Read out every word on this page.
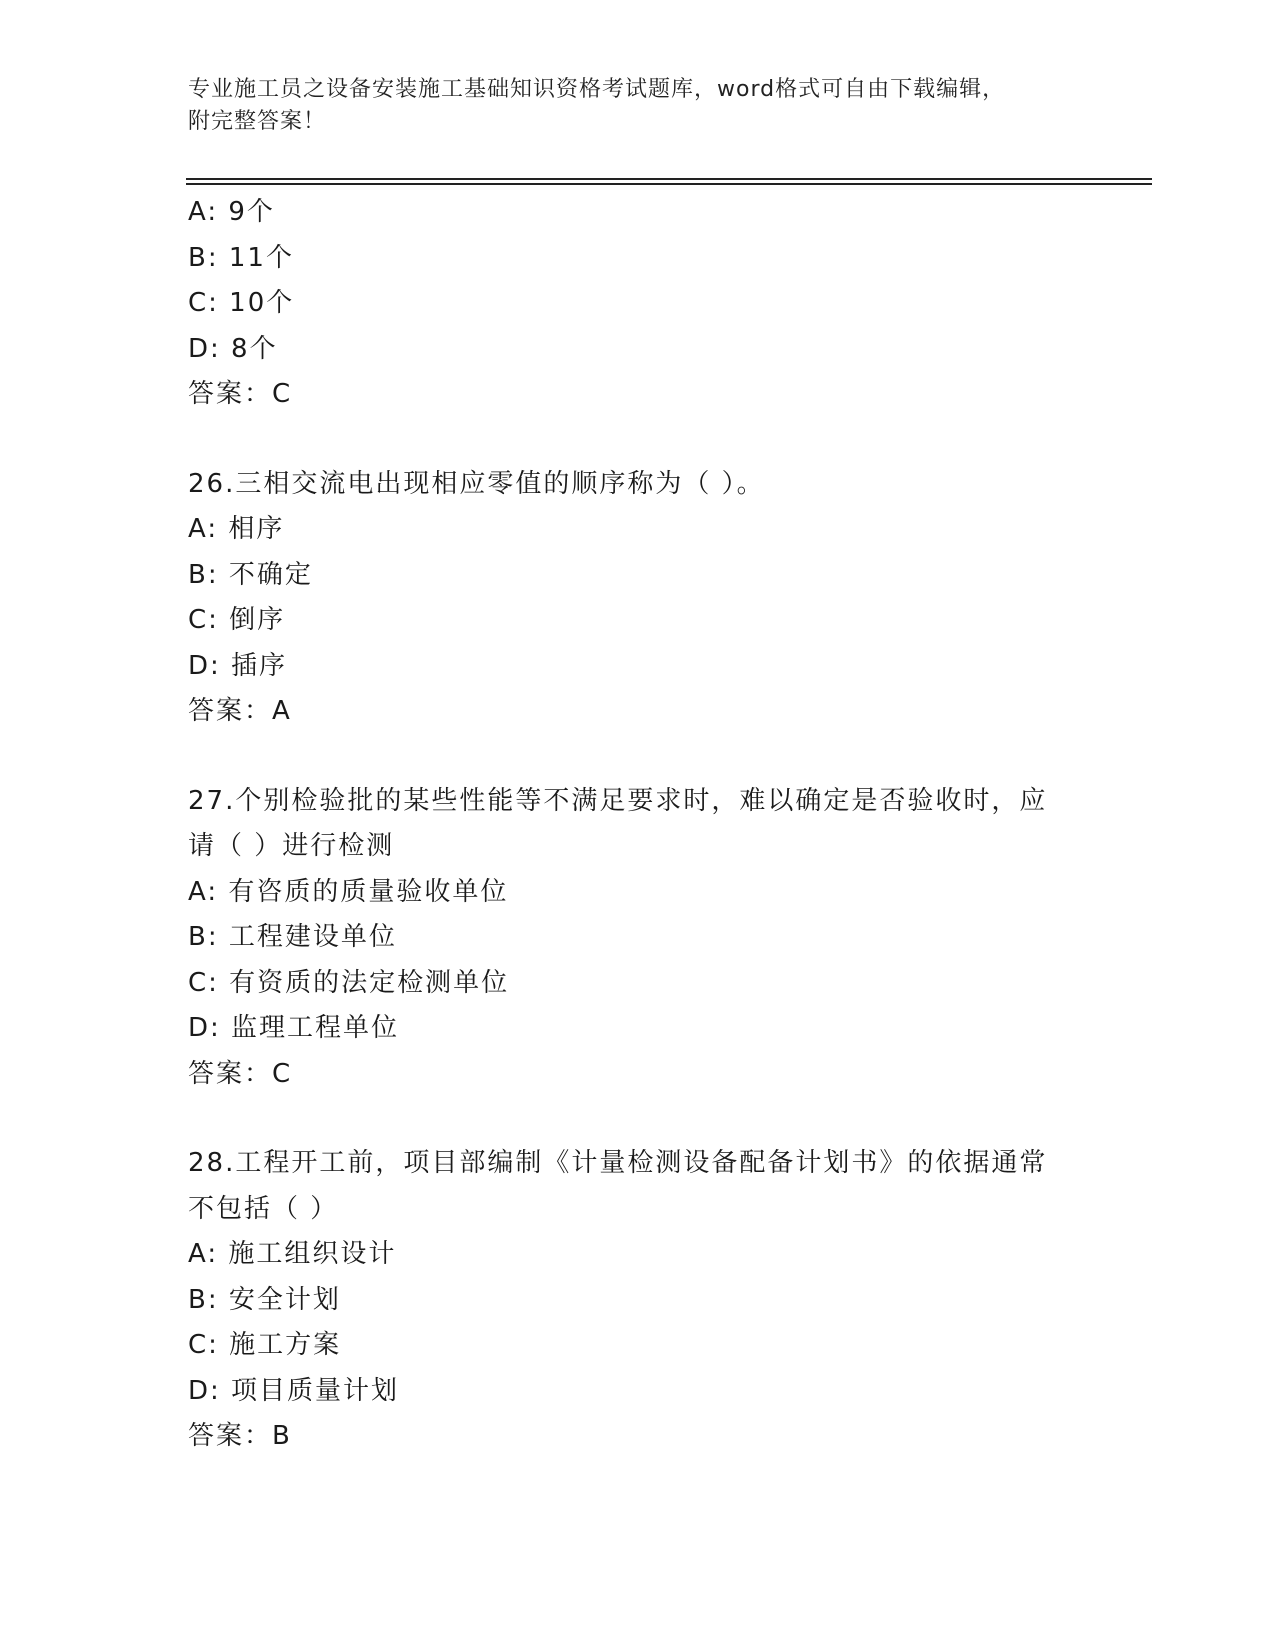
专业施工员之设备安装施工基础知识资格考试题库，word格式可自由下载编辑，
附完整答案！
A: 9个
B: 11个
C: 10个
D: 8个
答案：C
26.三相交流电出现相应零值的顺序称为（ ）。
A: 相序
B: 不确定
C: 倒序
D: 插序
答案：A
27.个别检验批的某些性能等不满足要求时，难以确定是否验收时，应
请（ ）进行检测
A: 有咨质的质量验收单位
B: 工程建设单位
C: 有资质的法定检测单位
D: 监理工程单位
答案：C
28.工程开工前，项目部编制《计量检测设备配备计划书》的依据通常
不包括（ ）
A: 施工组织设计
B: 安全计划
C: 施工方案
D: 项目质量计划
答案：B
